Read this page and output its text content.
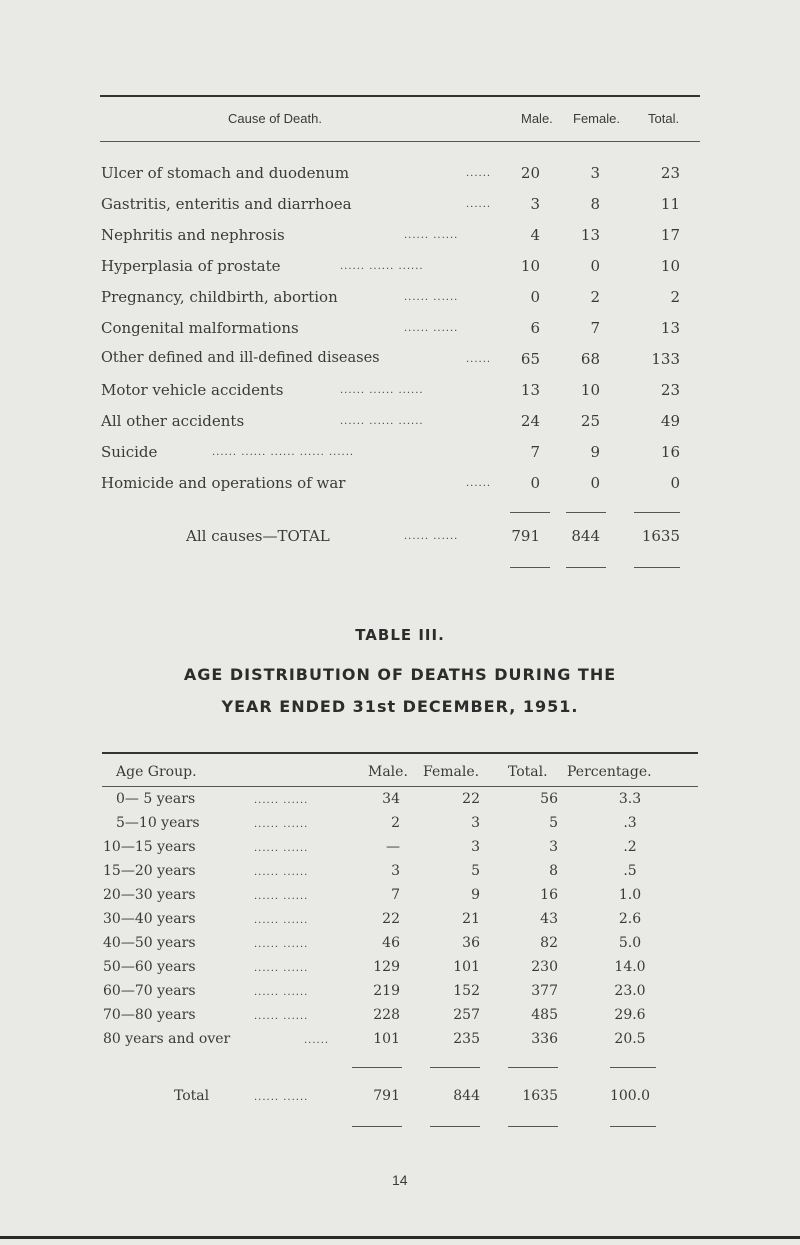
Cause of Death.	Male. Female. Total.
Ulcer of stomach and duodenum	......	20	3	23
Gastritis, enteritis and diarrhoea	......	3	8	11
Nephritis and nephrosis	...... ......	4	13	17
Hyperplasia of prostate	...... ...... ......	10	0	10
Pregnancy, childbirth, abortion	...... ......	0	2	2
Congenital malformations	...... ......	6	7	13
Other defined and ill-defined diseases	......	65	68	133
Motor vehicle accidents	...... ...... ......	13	10	23
All other accidents	...... ...... ......	24	25	49
Suicide	...... ...... ...... ...... ......	7	9	16
Homicide and operations of war	......	0	0	0
All causes—TOTAL	...... ......	791	844	1635
TABLE III.
AGE DISTRIBUTION OF DEATHS DURING THE
YEAR ENDED 31st DECEMBER, 1951.
Age Group.	Male. Female. Total. Percentage.
0— 5 years	...... ......	34	22	56	3.3
5—10 years	...... ......	2	3	5	.3
10—15 years	...... ......	—	3	3	.2
15—20 years	...... ......	3	5	8	.5
20—30 years	...... ......	7	9	16	1.0
30—40 years	...... ......	22	21	43	2.6
40—50 years	...... ......	46	36	82	5.0
50—60 years	...... ......	129	101	230	14.0
60—70 years	...... ......	219	152	377	23.0
70—80 years	...... ......	228	257	485	29.6
80 years and over	......	101	235	336	20.5
Total	...... ......	791	844	1635	100.0
14
